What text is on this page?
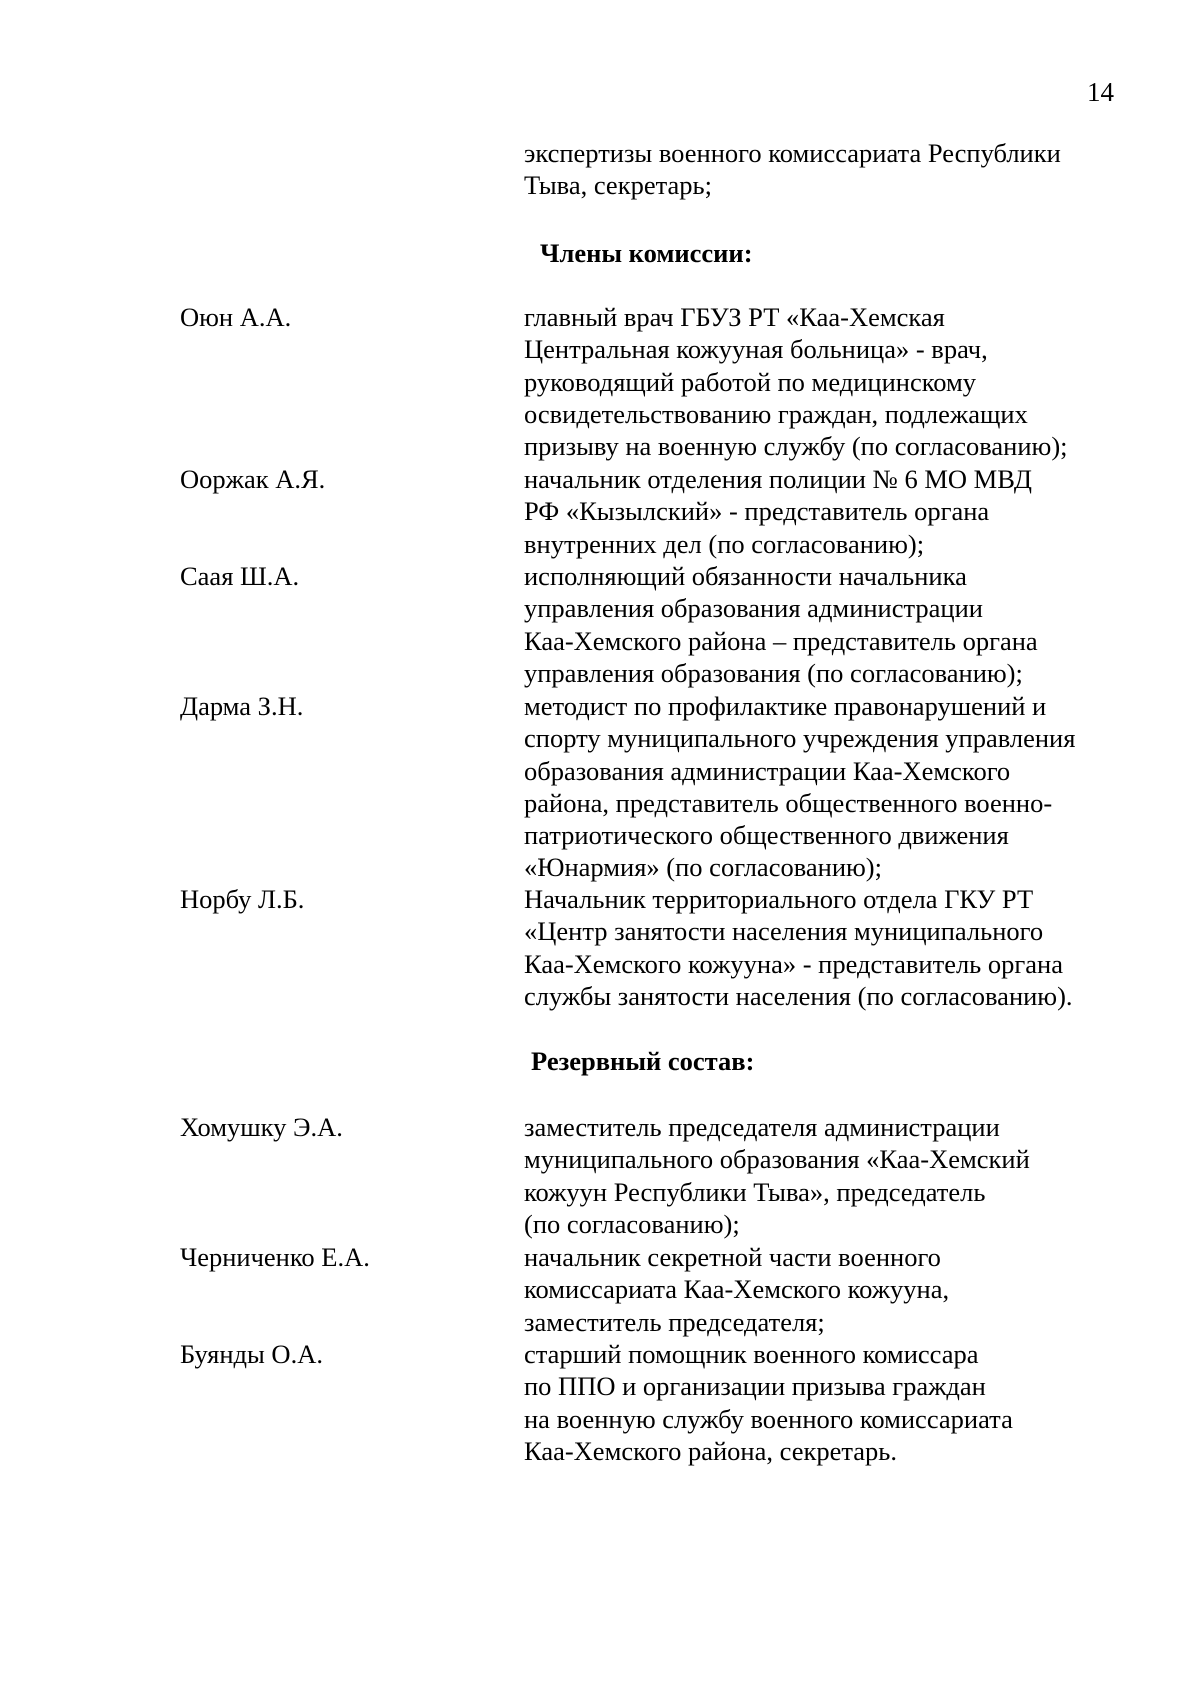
14
экспертизы военного комиссариата Республики
Тыва, секретарь;
Члены комиссии:
Оюн А.А.	главный врач ГБУЗ РТ «Каа-Хемская
Центральная кожууная больница» - врач,
руководящий работой по медицинскому
освидетельствованию граждан, подлежащих
призыву на военную службу (по согласованию);
Ооржак А.Я.	начальник отделения полиции № 6 МО МВД
РФ «Кызылский» - представитель органа
внутренних дел (по согласованию);
Саая Ш.А.	исполняющий обязанности начальника
управления образования администрации
Каа-Хемского района – представитель органа
управления образования (по согласованию);
Дарма З.Н.	методист по профилактике правонарушений и
спорту муниципального учреждения управления
образования администрации Каа-Хемского
района, представитель общественного военно-
патриотического общественного движения
«Юнармия» (по согласованию);
Норбу Л.Б.	Начальник территориального отдела ГКУ РТ
«Центр занятости населения муниципального
Каа-Хемского кожууна» - представитель органа
службы занятости населения (по согласованию).
Резервный состав:
Хомушку Э.А.	заместитель председателя администрации
муниципального образования «Каа-Хемский
кожуун Республики Тыва», председатель
(по согласованию);
Черниченко Е.А.	начальник секретной части военного
комиссариата Каа-Хемского кожууна,
заместитель председателя;
Буянды О.А.	старший помощник военного комиссара
по ППО и организации призыва граждан
на военную службу военного комиссариата
Каа-Хемского района, секретарь.
